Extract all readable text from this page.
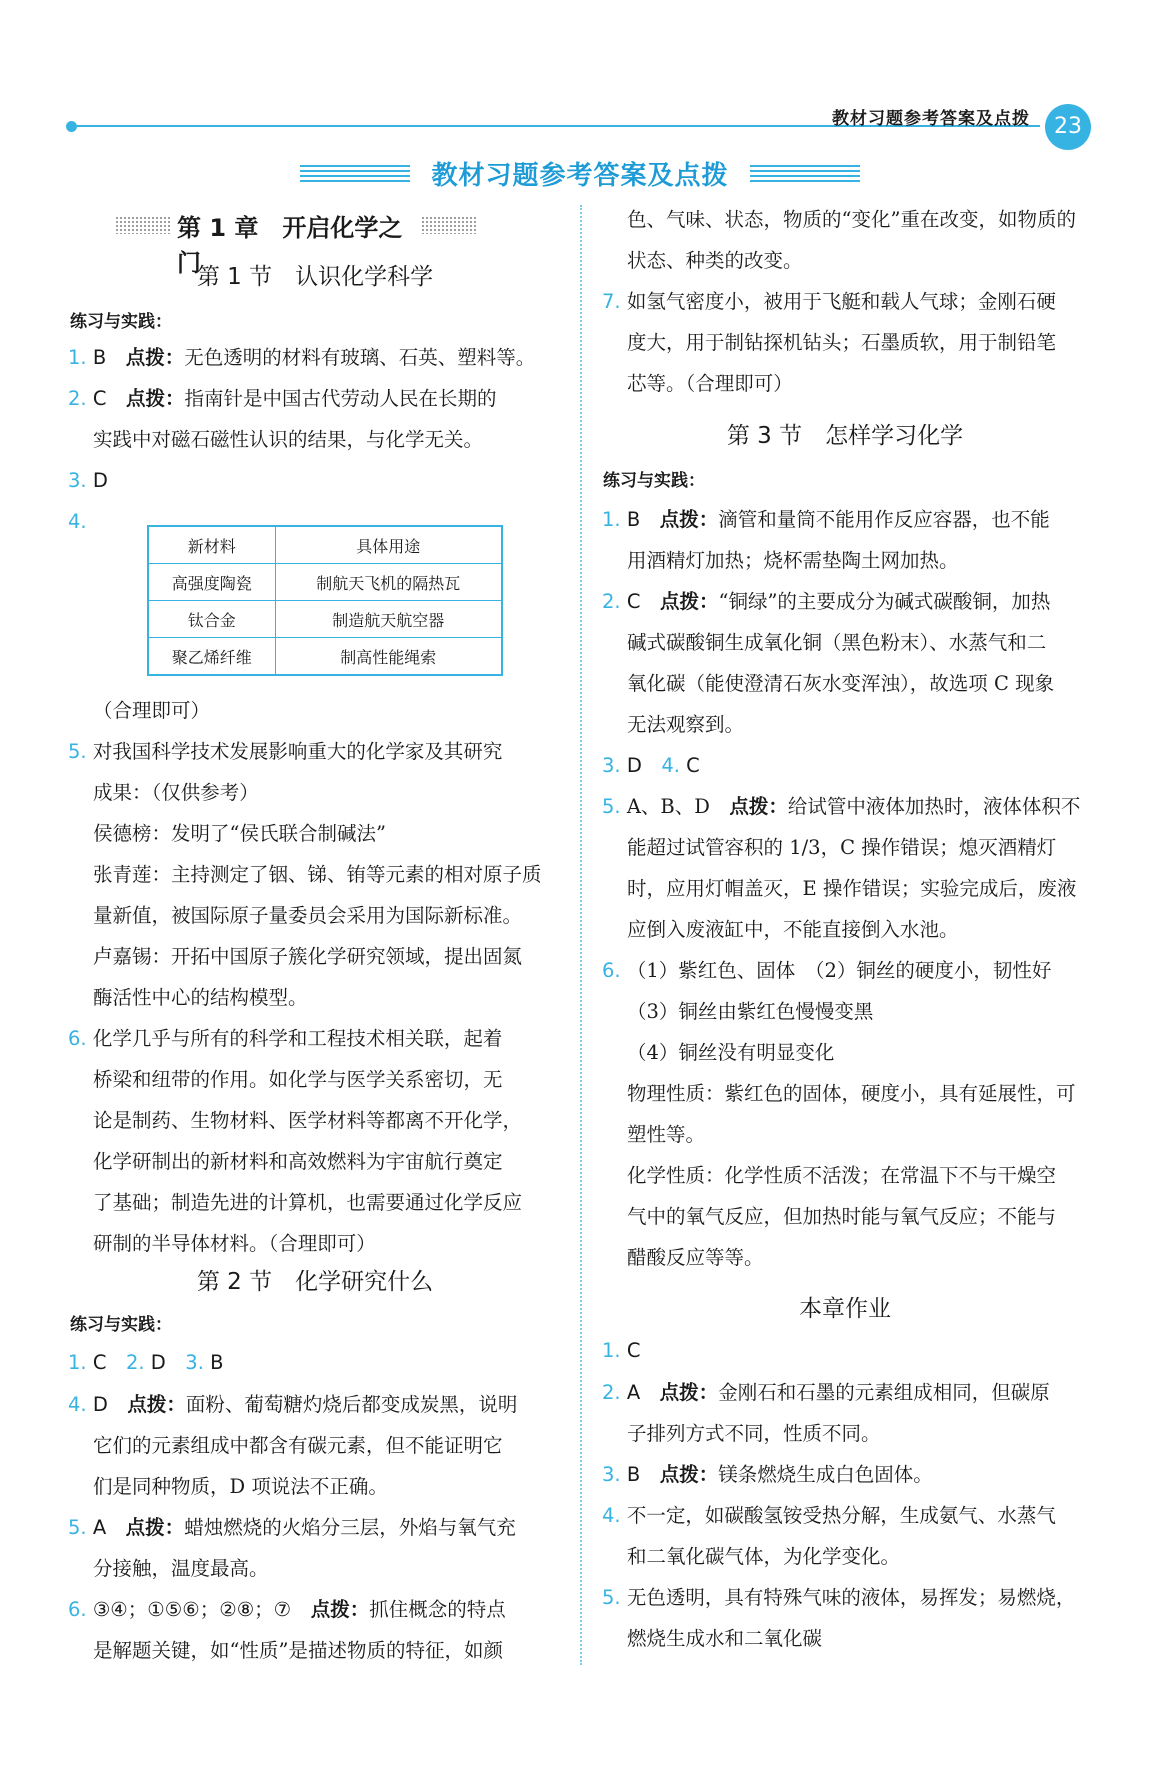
教材习题参考答案及点拨	23
教材习题参考答案及点拨
第 1 章　开启化学之门
第 1 节　认识化学科学
练习与实践：
1. B　 点拨：无色透明的材料有玻璃、石英、塑料等。
2. C　 点拨：指南针是中国古代劳动人民在长期的
实践中对磁石磁性认识的结果，与化学无关。
3. D
4.
新材料	具体用途
高强度陶瓷	制航天飞机的隔热瓦
钛合金	制造航天航空器
聚乙烯纤维	制高性能绳索
（合理即可）
5. 对我国科学技术发展影响重大的化学家及其研究
成果：（仅供参考）
侯德榜：发明了“侯氏联合制碱法”
张青莲：主持测定了铟、锑、铕等元素的相对原子质
量新值，被国际原子量委员会采用为国际新标准。
卢嘉锡：开拓中国原子簇化学研究领域，提出固氮
酶活性中心的结构模型。
6. 化学几乎与所有的科学和工程技术相关联，起着
桥梁和纽带的作用。如化学与医学关系密切，无
论是制药、生物材料、医学材料等都离不开化学，
化学研制出的新材料和高效燃料为宇宙航行奠定
了基础；制造先进的计算机，也需要通过化学反应
研制的半导体材料。（合理即可）
第 2 节　化学研究什么
练习与实践：
1. C　 2. D　 3. B
4. D　 点拨：面粉、葡萄糖灼烧后都变成炭黑，说明
它们的元素组成中都含有碳元素，但不能证明它
们是同种物质，D 项说法不正确。
5. A　 点拨：蜡烛燃烧的火焰分三层，外焰与氧气充
分接触，温度最高。
6. ③④；①⑤⑥；②⑧；⑦　 点拨：抓住概念的特点
是解题关键，如“性质”是描述物质的特征，如颜
色、气味、状态，物质的“变化”重在改变，如物质的
状态、种类的改变。
7. 如氢气密度小，被用于飞艇和载人气球；金刚石硬
度大，用于制钻探机钻头；石墨质软，用于制铅笔
芯等。（合理即可）
第 3 节　怎样学习化学
练习与实践：
1. B　 点拨：滴管和量筒不能用作反应容器，也不能
用酒精灯加热；烧杯需垫陶土网加热。
2. C　 点拨：“铜绿”的主要成分为碱式碳酸铜，加热
碱式碳酸铜生成氧化铜（黑色粉末）、水蒸气和二
氧化碳（能使澄清石灰水变浑浊），故选项 C 现象
无法观察到。
3. D　 4. C
5. A、B、D　 点拨：给试管中液体加热时，液体体积不
能超过试管容积的 1/3，C 操作错误；熄灭酒精灯
时，应用灯帽盖灭，E 操作错误；实验完成后，废液
应倒入废液缸中，不能直接倒入水池。
6. （1）紫红色、固体　（2）铜丝的硬度小，韧性好
（3）铜丝由紫红色慢慢变黑
（4）铜丝没有明显变化
物理性质：紫红色的固体，硬度小，具有延展性，可
塑性等。
化学性质：化学性质不活泼；在常温下不与干燥空
气中的氧气反应，但加热时能与氧气反应；不能与
醋酸反应等等。
本章作业
1. C
2. A　 点拨：金刚石和石墨的元素组成相同，但碳原
子排列方式不同，性质不同。
3. B　 点拨：镁条燃烧生成白色固体。
4. 不一定，如碳酸氢铵受热分解，生成氨气、水蒸气
和二氧化碳气体，为化学变化。
5. 无色透明，具有特殊气味的液体，易挥发；易燃烧，
燃烧生成水和二氧化碳
